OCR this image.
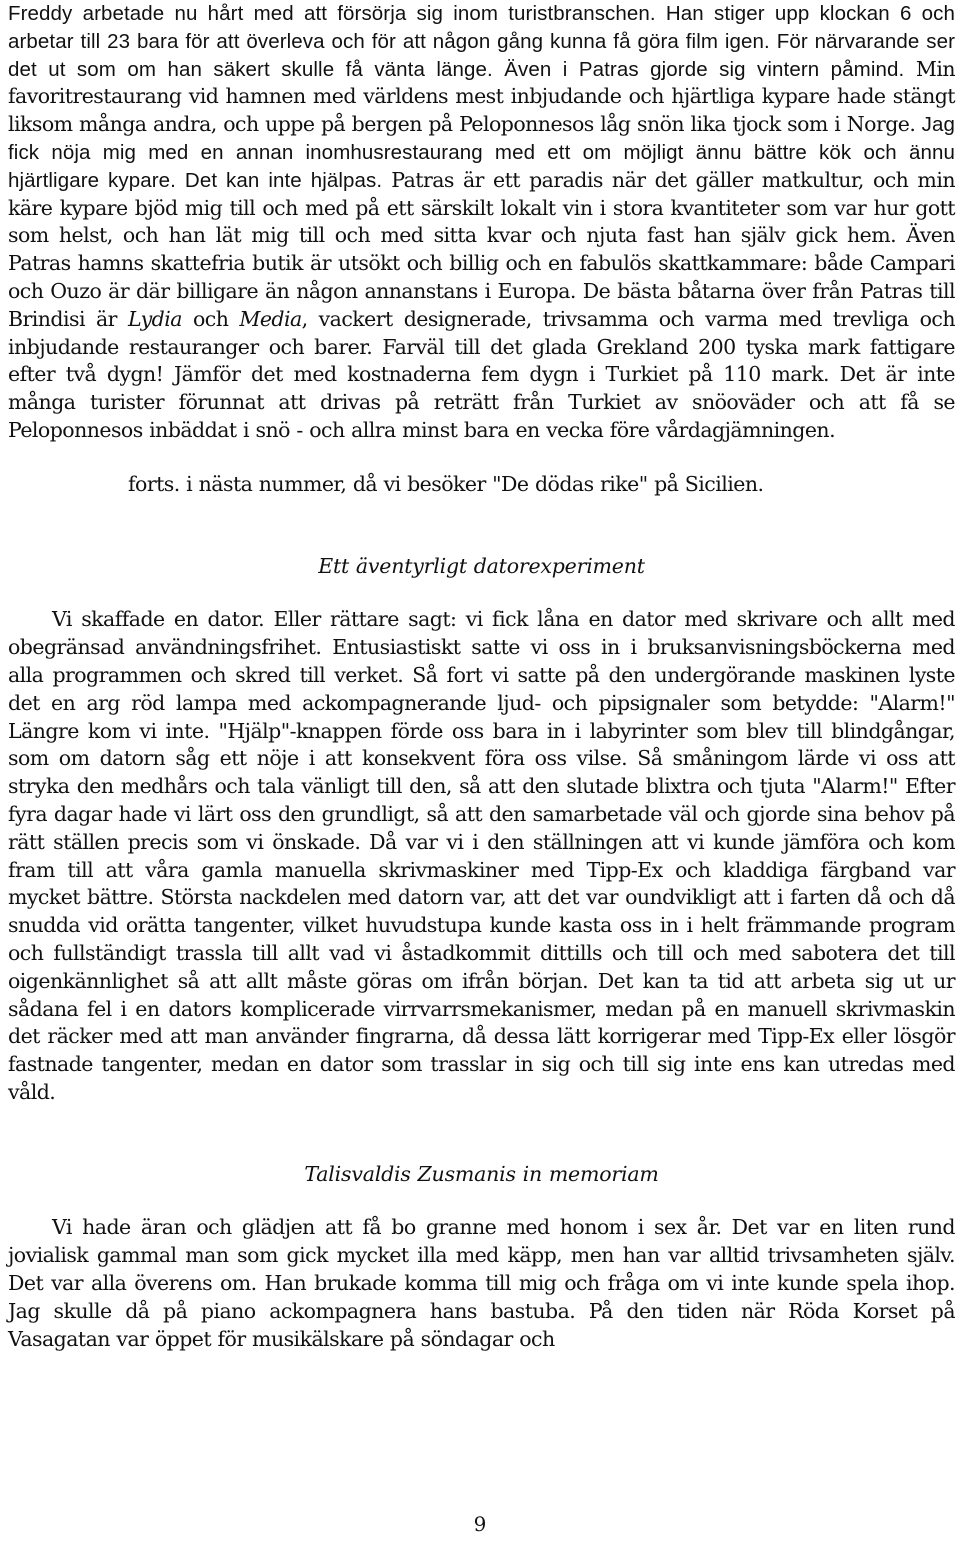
Freddy arbetade nu hårt med att försörja sig inom turistbranschen. Han stiger upp klockan 6 och arbetar till 23 bara för att överleva och för att någon gång kunna få göra film igen. För närvarande ser det ut som om han säkert skulle få vänta länge. Även i Patras gjorde sig vintern påmind. Min favoritrestaurang vid hamnen med världens mest inbjudande och hjärtliga kypare hade stängt liksom många andra, och uppe på bergen på Peloponnesos låg snön lika tjock som i Norge. Jag fick nöja mig med en annan inomhusrestaurang med ett om möjligt ännu bättre kök och ännu hjärtligare kypare. Det kan inte hjälpas. Patras är ett paradis när det gäller matkultur, och min käre kypare bjöd mig till och med på ett särskilt lokalt vin i stora kvantiteter som var hur gott som helst, och han lät mig till och med sitta kvar och njuta fast han själv gick hem. Även Patras hamns skattefria butik är utsökt och billig och en fabulös skattkammare: både Campari och Ouzo är där billigare än någon annanstans i Europa. De bästa båtarna över från Patras till Brindisi är Lydia och Media, vackert designerade, trivsamma och varma med trevliga och inbjudande restauranger och barer. Farväl till det glada Grekland 200 tyska mark fattigare efter två dygn! Jämför det med kostnaderna fem dygn i Turkiet på 110 mark. Det är inte många turister förunnat att drivas på reträtt från Turkiet av snöoväder och att få se Peloponnesos inbäddat i snö - och allra minst bara en vecka före vårdagjämningen.

forts. i nästa nummer, då vi besöker "De dödas rike" på Sicilien.

Ett äventyrligt datorexperiment

Vi skaffade en dator. Eller rättare sagt: vi fick låna en dator med skrivare och allt med obegränsad användningsfrihet. Entusiastiskt satte vi oss in i bruksanvisningsböckerna med alla programmen och skred till verket. Så fort vi satte på den undergörande maskinen lyste det en arg röd lampa med ackompagnerande ljud- och pipsignaler som betydde: "Alarm!" Längre kom vi inte. "Hjälp"-knappen förde oss bara in i labyrinter som blev till blindgångar, som om datorn såg ett nöje i att konsekvent föra oss vilse. Så småningom lärde vi oss att stryka den medhårs och tala vänligt till den, så att den slutade blixtra och tjuta "Alarm!" Efter fyra dagar hade vi lärt oss den grundligt, så att den samarbetade väl och gjorde sina behov på rätt ställen precis som vi önskade. Då var vi i den ställningen att vi kunde jämföra och kom fram till att våra gamla manuella skrivmaskiner med Tipp-Ex och kladdiga färgband var mycket bättre. Största nackdelen med datorn var, att det var oundvikligt att i farten då och då snudda vid orätta tangenter, vilket huvudstupa kunde kasta oss in i helt främmande program och fullständigt trassla till allt vad vi åstadkommit dittills och till och med sabotera det till oigenkännlighet så att allt måste göras om ifrån början. Det kan ta tid att arbeta sig ut ur sådana fel i en dators komplicerade virrvarrsmekanismer, medan på en manuell skrivmaskin det räcker med att man använder fingrarna, då dessa lätt korrigerar med Tipp-Ex eller lösgör fastnade tangenter, medan en dator som trasslar in sig och till sig inte ens kan utredas med våld.

Talisvaldis Zusmanis in memoriam

Vi hade äran och glädjen att få bo granne med honom i sex år. Det var en liten rund jovialisk gammal man som gick mycket illa med käpp, men han var alltid trivsamheten själv. Det var alla överens om. Han brukade komma till mig och fråga om vi inte kunde spela ihop. Jag skulle då på piano ackompagnera hans bastuba. På den tiden när Röda Korset på Vasagatan var öppet för musikälskare på söndagar och

9
